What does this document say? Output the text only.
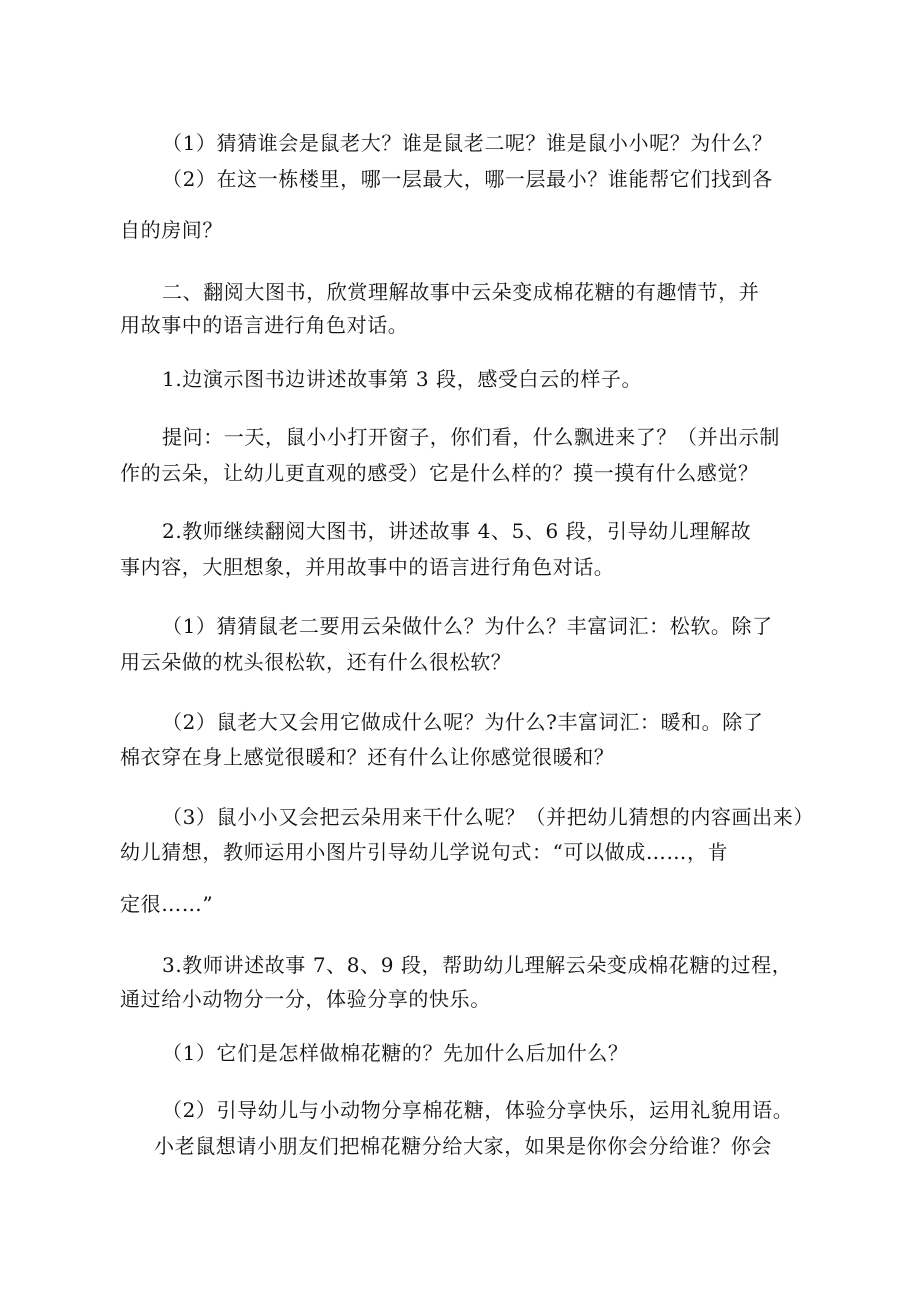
（1）猜猜谁会是鼠老大？谁是鼠老二呢？谁是鼠小小呢？为什么？
（2）在这一栋楼里，哪一层最大，哪一层最小？谁能帮它们找到各
自的房间？
二、翻阅大图书，欣赏理解故事中云朵变成棉花糖的有趣情节，并
用故事中的语言进行角色对话。
1.边演示图书边讲述故事第 3 段，感受白云的样子。
提问：一天，鼠小小打开窗子，你们看，什么飘进来了？（并出示制
作的云朵，让幼儿更直观的感受）它是什么样的？摸一摸有什么感觉？
2.教师继续翻阅大图书，讲述故事 4、5、6 段，引导幼儿理解故
事内容，大胆想象，并用故事中的语言进行角色对话。
（1）猜猜鼠老二要用云朵做什么？为什么？丰富词汇：松软。除了
用云朵做的枕头很松软，还有什么很松软？
（2）鼠老大又会用它做成什么呢？为什么?丰富词汇：暖和。除了
棉衣穿在身上感觉很暖和？还有什么让你感觉很暖和？
（3）鼠小小又会把云朵用来干什么呢？（并把幼儿猜想的内容画出来）
幼儿猜想，教师运用小图片引导幼儿学说句式：“可以做成……，肯
定很……”
3.教师讲述故事 7、8、9 段，帮助幼儿理解云朵变成棉花糖的过程，
通过给小动物分一分，体验分享的快乐。
（1）它们是怎样做棉花糖的？先加什么后加什么？
（2）引导幼儿与小动物分享棉花糖，体验分享快乐，运用礼貌用语。
小老鼠想请小朋友们把棉花糖分给大家，如果是你你会分给谁？你会
